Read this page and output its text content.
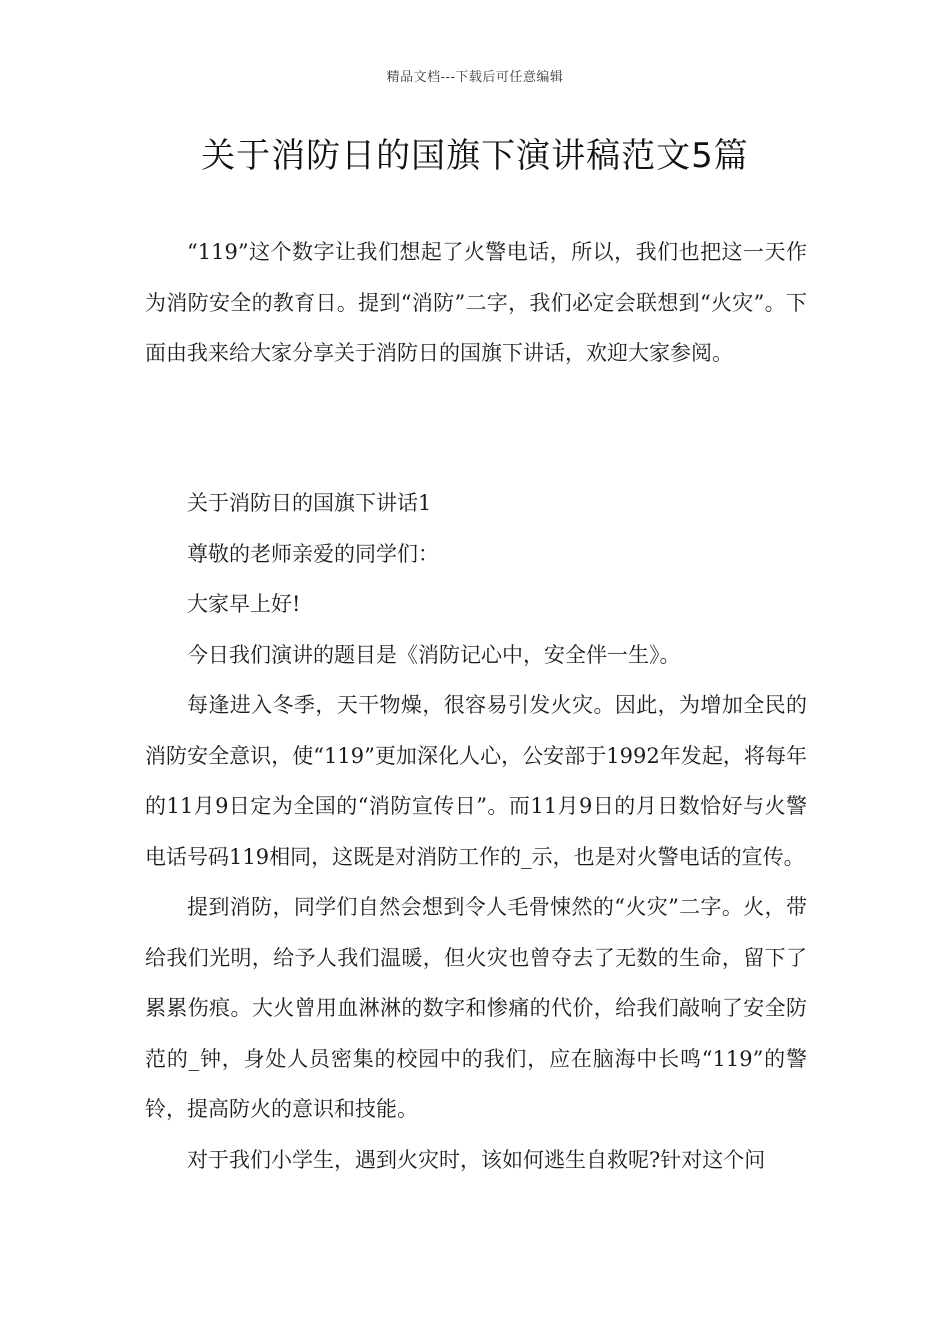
精品文档---下载后可任意编辑
关于消防日的国旗下演讲稿范文5篇

“119”这个数字让我们想起了火警电话，所以，我们也把这一天作为消防安全的教育日。提到“消防”二字，我们必定会联想到“火灾”。下面由我来给大家分享关于消防日的国旗下讲话，欢迎大家参阅。

关于消防日的国旗下讲话1

尊敬的老师亲爱的同学们：

大家早上好!

今日我们演讲的题目是《消防记心中，安全伴一生》。

每逢进入冬季，天干物燥，很容易引发火灾。因此，为增加全民的消防安全意识，使“119”更加深化人心，公安部于1992年发起，将每年的11月9日定为全国的“消防宣传日”。而11月9日的月日数恰好与火警电话号码119相同，这既是对消防工作的_示，也是对火警电话的宣传。

提到消防，同学们自然会想到令人毛骨悚然的“火灾”二字。火，带给我们光明，给予人我们温暖，但火灾也曾夺去了无数的生命，留下了累累伤痕。大火曾用血淋淋的数字和惨痛的代价，给我们敲响了安全防范的_钟，身处人员密集的校园中的我们，应在脑海中长鸣“119”的警铃，提高防火的意识和技能。

对于我们小学生，遇到火灾时，该如何逃生自救呢?针对这个问
